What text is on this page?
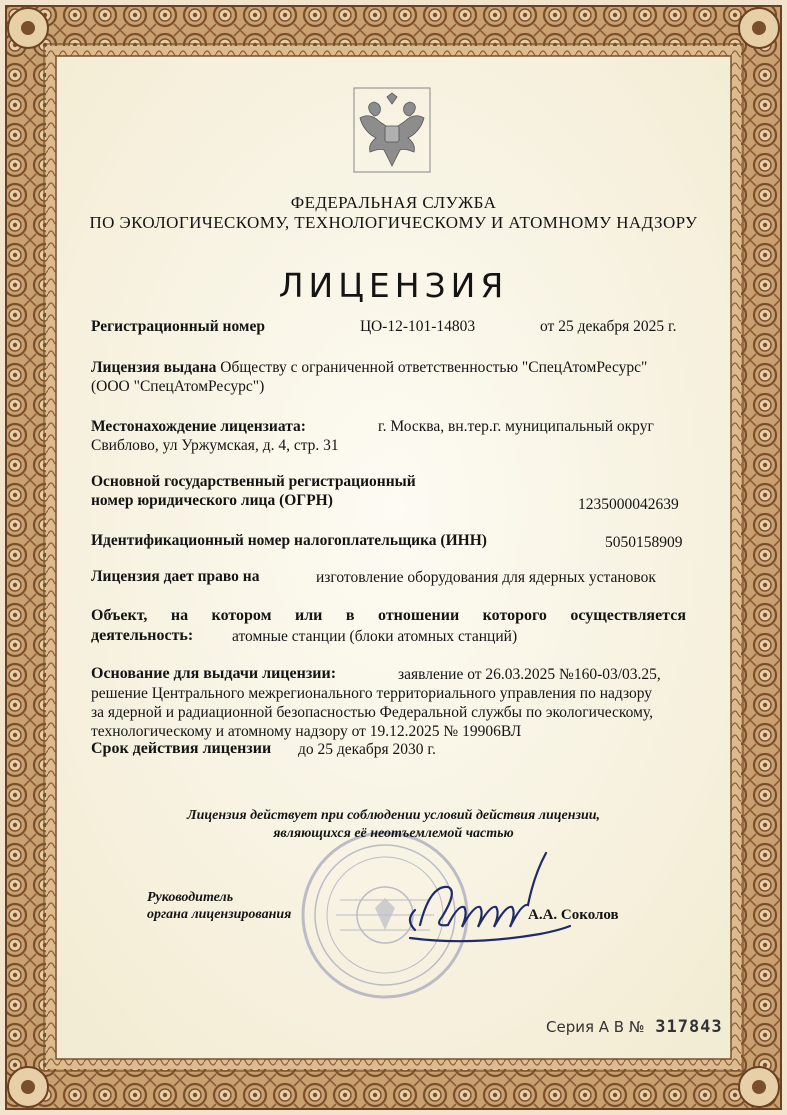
ФЕДЕРАЛЬНАЯ СЛУЖБА
ПО ЭКОЛОГИЧЕСКОМУ, ТЕХНОЛОГИЧЕСКОМУ И АТОМНОМУ НАДЗОРУ
ЛИЦЕНЗИЯ
Регистрационный номер	ЦО-12-101-14803	от 25 декабря 2025 г.
Лицензия выдана Обществу с ограниченной ответственностью "СпецАтомРесурс"
(ООО "СпецАтомРесурс")
Местонахождение лицензиата:	г. Москва, вн.тер.г. муниципальный округ
Свиблово, ул Уржумская, д. 4, стр. 31
Основной государственный регистрационный
номер юридического лица (ОГРН)	1235000042639
Идентификационный номер налогоплательщика (ИНН)	5050158909
Лицензия дает право на	изготовление оборудования для ядерных установок
Объект, на котором или в отношении которого осуществляется
деятельность:	атомные станции (блоки атомных станций)
Основание для выдачи лицензии:	заявление от 26.03.2025 №160-03/03.25,
решение Центрального межрегионального территориального управления по надзору
за ядерной и радиационной безопасностью Федеральной службы по экологическому,
технологическому и атомному надзору от 19.12.2025 № 19906ВЛ
Срок действия лицензии до 25 декабря 2030 г.
Лицензия действует при соблюдении условий действия лицензии,
являющихся её неотъемлемой частью
Руководитель
органа лицензирования	А.А. Соколов
Серия А В № 317843
